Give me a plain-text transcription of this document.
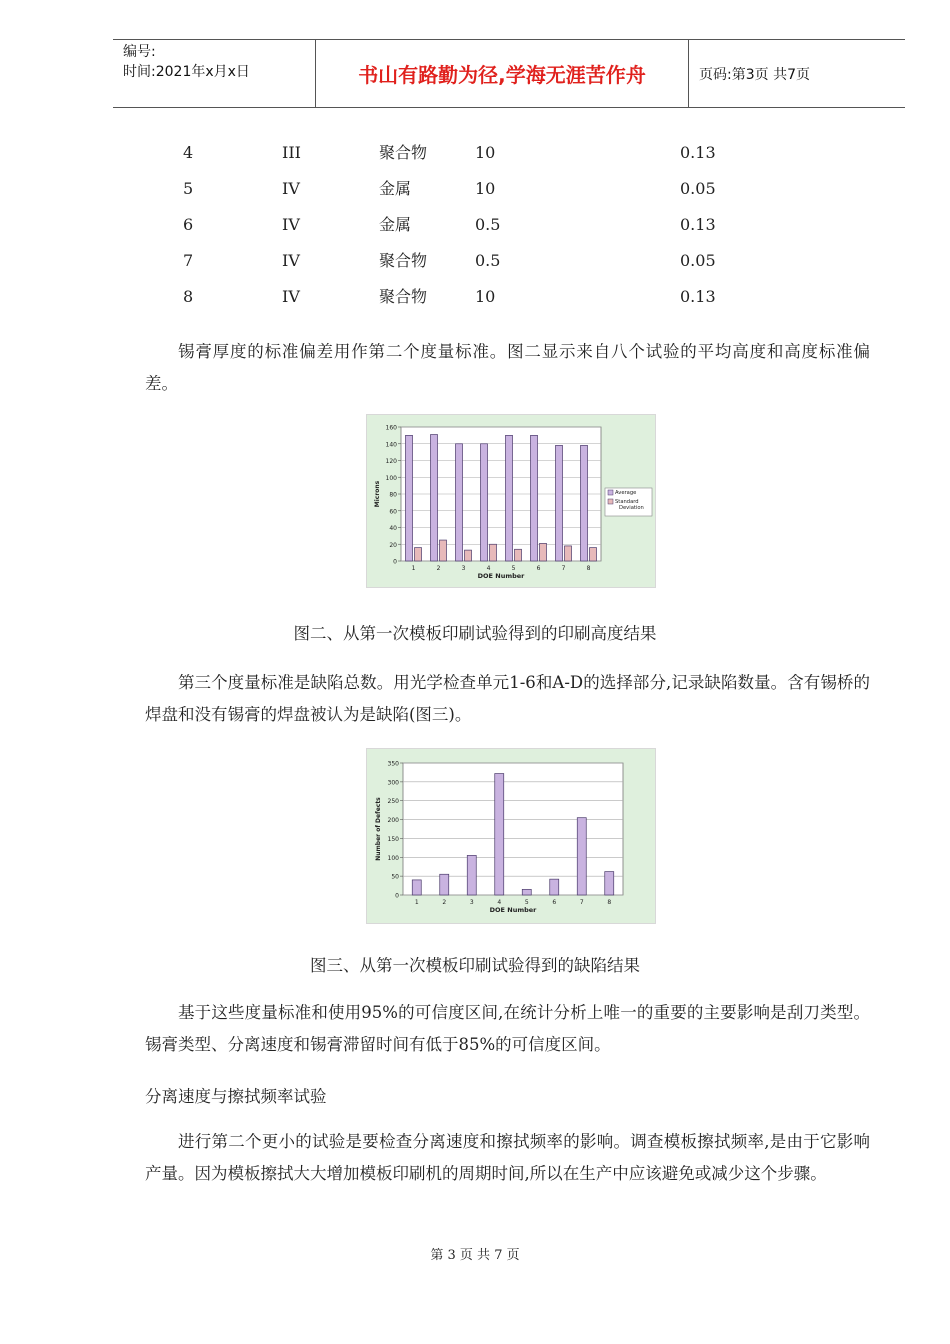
编号:
时间:2021年x月x日	书山有路勤为径,学海无涯苦作舟	页码:第3页 共7页
4	III	聚合物	10	0.13
5	IV	金属	10	0.05
6	IV	金属	0.5	0.13
7	IV	聚合物	0.5	0.05
8	IV	聚合物	10	0.13
锡膏厚度的标准偏差用作第二个度量标准。图二显示来自八个试验的平均高度和高度标准偏差。
0
20
40
60
80
100
120
140
160
1	2	3	4	5	6	7	8
DOE Number
Microns	Average
Standard Deviation
图二、从第一次模板印刷试验得到的印刷高度结果
第三个度量标准是缺陷总数。用光学检查单元1-6和A-D的选择部分,记录缺陷数量。含有锡桥的焊盘和没有锡膏的焊盘被认为是缺陷(图三)。
0
50
100
150
200
250
300
350
1	2	3	4	5	6	7	8
DOE Number
Number of Defects
图三、从第一次模板印刷试验得到的缺陷结果
基于这些度量标准和使用95%的可信度区间,在统计分析上唯一的重要的主要影响是刮刀类型。锡膏类型、分离速度和锡膏滞留时间有低于85%的可信度区间。
分离速度与擦拭频率试验
进行第二个更小的试验是要检查分离速度和擦拭频率的影响。调查模板擦拭频率,是由于它影响产量。因为模板擦拭大大增加模板印刷机的周期时间,所以在生产中应该避免或减少这个步骤。
第 3 页 共 7 页
